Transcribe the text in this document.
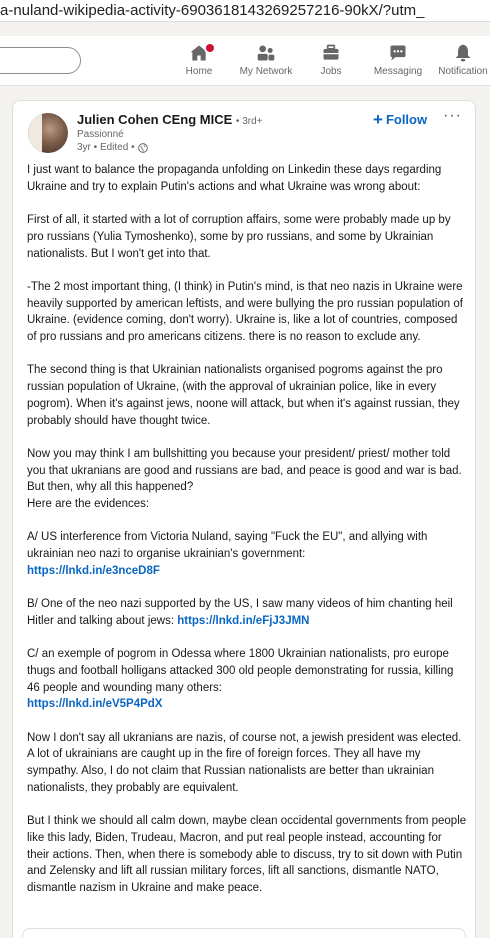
a-nuland-wikipedia-activity-6903618143269257216-90kX/?utm_
Home	My Network	Jobs	Messaging	Notification
Julien Cohen CEng MICE • 3rd+
Passionné
3yr • Edited •
+ Follow ···

I just want to balance the propaganda unfolding on Linkedin these days regarding Ukraine and try to explain Putin's actions and what Ukraine was wrong about:

First of all, it started with a lot of corruption affairs, some were probably made up by pro russians (Yulia Tymoshenko), some by pro russians, and some by Ukrainian nationalists. But I won't get into that.

-The 2 most important thing, (I think) in Putin's mind, is that neo nazis in Ukraine were heavily supported by american leftists, and were bullying the pro russian population of Ukraine. (evidence coming, don't worry). Ukraine is, like a lot of countries, composed of pro russians and pro americans citizens. there is no reason to exclude any.

The second thing is that Ukrainian nationalists organised pogroms against the pro russian population of Ukraine, (with the approval of ukrainian police, like in every pogrom). When it's against jews, noone will attack, but when it's against russian, they probably should have thought twice.

Now you may think I am bullshitting you because your president/ priest/ mother told you that ukranians are good and russians are bad, and peace is good and war is bad. But then, why all this happened?
Here are the evidences:

A/ US interference from Victoria Nuland, saying "Fuck the EU", and allying with ukrainian neo nazi to organise ukrainian's government:
https://lnkd.in/e3nceD8F

B/ One of the neo nazi supported by the US, I saw many videos of him chanting heil Hitler and talking about jews: https://lnkd.in/eFjJ3JMN

C/ an exemple of pogrom in Odessa where 1800 Ukrainian nationalists, pro europe thugs and football holligans attacked 300 old people demonstrating for russia, killing 46 people and wounding many others:
https://lnkd.in/eV5P4PdX

Now I don't say all ukranians are nazis, of course not, a jewish president was elected. A lot of ukrainians are caught up in the fire of foreign forces. They all have my sympathy. Also, I do not claim that Russian nationalists are better than ukrainian nationalists, they probably are equivalent.

But I think we should all calm down, maybe clean occidental governments from people like this lady, Biden, Trudeau, Macron, and put real people instead, accounting for their actions. Then, when there is somebody able to discuss, try to sit down with Putin and Zelensky and lift all russian military forces, lift all sanctions, dismantle NATO, dismantle nazism in Ukraine and make peace.
